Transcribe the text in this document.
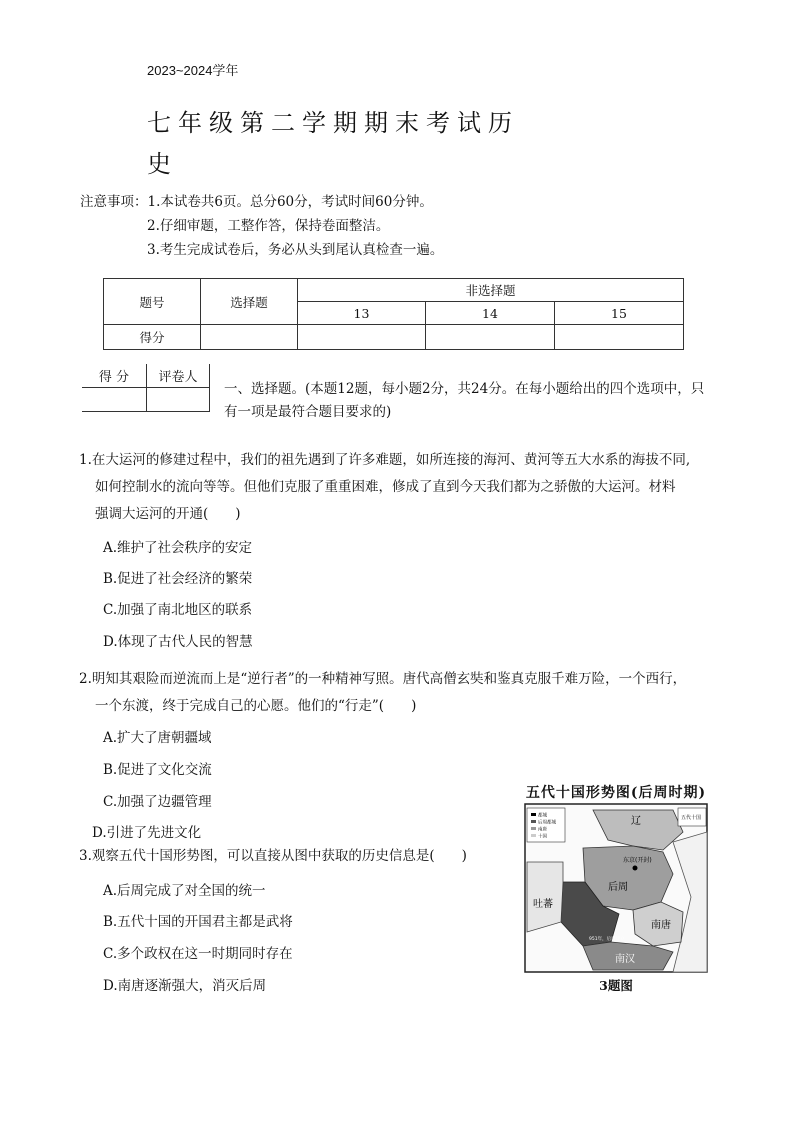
2023~2024学年
七年级第二学期期末考试历
史
注意事项：1.本试卷共6页。总分60分，考试时间60分钟。
2.仔细审题，工整作答，保持卷面整洁。
3.考生完成试卷后，务必从头到尾认真检查一遍。
题号	选择题	非选择题		
		13	14	15
得分				
得 分	评卷人

一、选择题。(本题12题，每小题2分，共24分。在每小题给出的四个选项中，只有一项是最符合题目要求的)
1.在大运河的修建过程中，我们的祖先遇到了许多难题，如所连接的海河、黄河等五大水系的海拔不同,
如何控制水的流向等等。但他们克服了重重困难，修成了直到今天我们都为之骄傲的大运河。材料
强调大运河的开通(　　)
A.维护了社会秩序的安定
B.促进了社会经济的繁荣
C.加强了南北地区的联系
D.体现了古代人民的智慧
2.明知其艰险而逆流而上是“逆行者”的一种精神写照。唐代高僧玄奘和鉴真克服千难万险，一个西行，
一个东渡，终于完成自己的心愿。他们的“行走”(　　)
A.扩大了唐朝疆域
B.促进了文化交流
C.加强了边疆管理
D.引进了先进文化
3.观察五代十国形势图，可以直接从图中获取的历史信息是(　　)
A.后周完成了对全国的统一
B.五代十国的开国君主都是武将
C.多个政权在这一时期同时存在
D.南唐逐渐强大，消灭后周
五代十国形势图(后周时期)
都城
后周都城
南唐
十国
五代十国
东京(开封)
辽
吐蕃
后周
南唐
南汉
951年，后周建立
3题图
